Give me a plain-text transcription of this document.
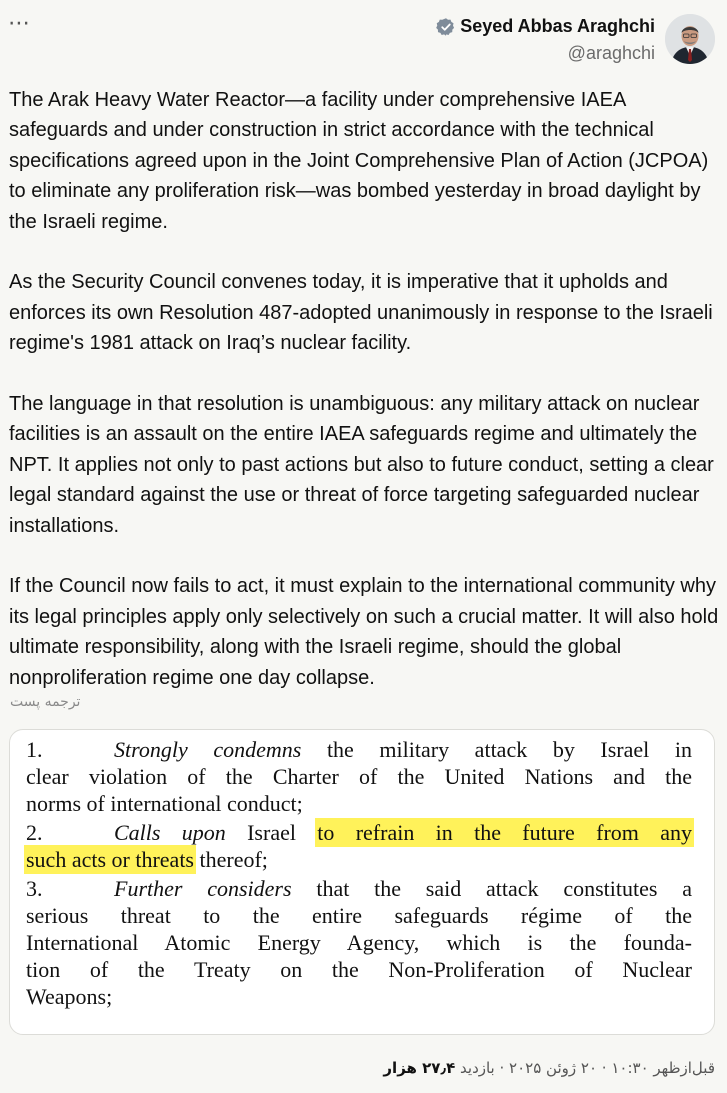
⋯	Seyed Abbas Araghchi
@araghchi

The Arak Heavy Water Reactor—a facility under comprehensive IAEA safeguards and under construction in strict accordance with the technical specifications agreed upon in the Joint Comprehensive Plan of Action (JCPOA) to eliminate any proliferation risk—was bombed yesterday in broad daylight by the Israeli regime.

As the Security Council convenes today, it is imperative that it upholds and enforces its own Resolution 487-adopted unanimously in response to the Israeli regime's 1981 attack on Iraq’s nuclear facility.

The language in that resolution is unambiguous: any military attack on nuclear facilities is an assault on the entire IAEA safeguards regime and ultimately the NPT. It applies not only to past actions but also to future conduct, setting a clear legal standard against the use or threat of force targeting safeguarded nuclear installations.

If the Council now fails to act, it must explain to the international community why its legal principles apply only selectively on such a crucial matter. It will also hold ultimate responsibility, along with the Israeli regime, should the global nonproliferation regime one day collapse.

ترجمه پست
1.	Strongly condemns the military attack by Israel in
clear violation of the Charter of the United Nations and the
norms of international conduct;
2.	Calls upon Israel to refrain in the future from any
such acts or threats thereof;
3.	Further considers that the said attack constitutes a
serious threat to the entire safeguards régime of the
International Atomic Energy Agency, which is the founda-
tion of the Treaty on the Non-Proliferation of Nuclear
Weapons;
قبل‌ازظهر ۱۰:۳۰ · ۲۰ ژوئن ۲۰۲۵ · بازدید ۲۷٫۴ هزار
